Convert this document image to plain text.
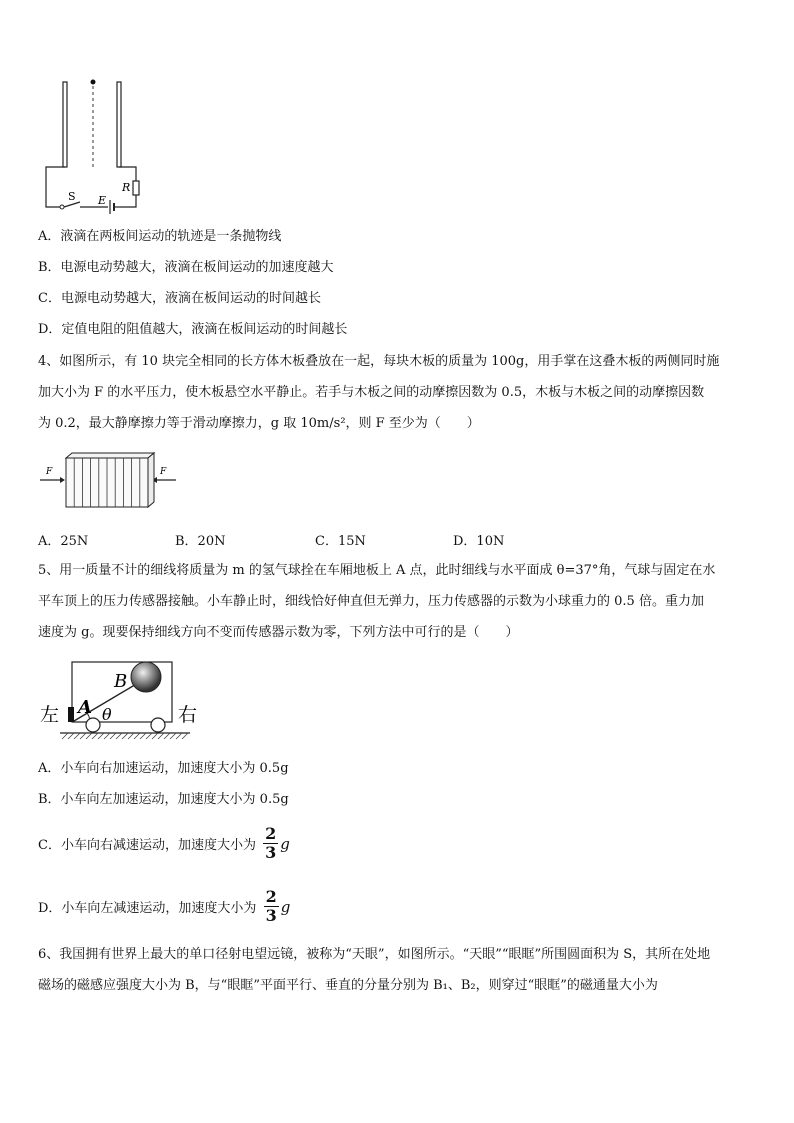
S E
R
A．液滴在两板间运动的轨迹是一条抛物线
B．电源电动势越大，液滴在板间运动的加速度越大
C．电源电动势越大，液滴在板间运动的时间越长
D．定值电阻的阻值越大，液滴在板间运动的时间越长
4、如图所示，有 10 块完全相同的长方体木板叠放在一起，每块木板的质量为 100g，用手掌在这叠木板的两侧同时施
加大小为 F 的水平压力，使木板悬空水平静止。若手与木板之间的动摩擦因数为 0.5，木板与木板之间的动摩擦因数
为 0.2，最大静摩擦力等于滑动摩擦力，g 取 10m/s²，则 F 至少为（　　）
F	F
A．25N	B．20N	C．15N	D．10N
5、用一质量不计的细线将质量为 m 的氢气球拴在车厢地板上 A 点，此时细线与水平面成 θ=37°角，气球与固定在水
平车顶上的压力传感器接触。小车静止时，细线恰好伸直但无弹力，压力传感器的示数为小球重力的 0.5 倍。重力加
速度为 g。现要保持细线方向不变而传感器示数为零，下列方法中可行的是（　　）
左	右
A
B
θ
A．小车向右加速运动，加速度大小为 0.5g
B．小车向左加速运动，加速度大小为 0.5g
C．小车向右减速运动，加速度大小为 $\frac{2}{3}$ g
D．小车向左减速运动，加速度大小为 $\frac{2}{3}$ g
6、我国拥有世界上最大的单口径射电望远镜，被称为“天眼”，如图所示。“天眼”“眼眶”所围圆面积为 S，其所在处地
磁场的磁感应强度大小为 B，与“眼眶”平面平行、垂直的分量分别为 B₁、B₂，则穿过“眼眶”的磁通量大小为
